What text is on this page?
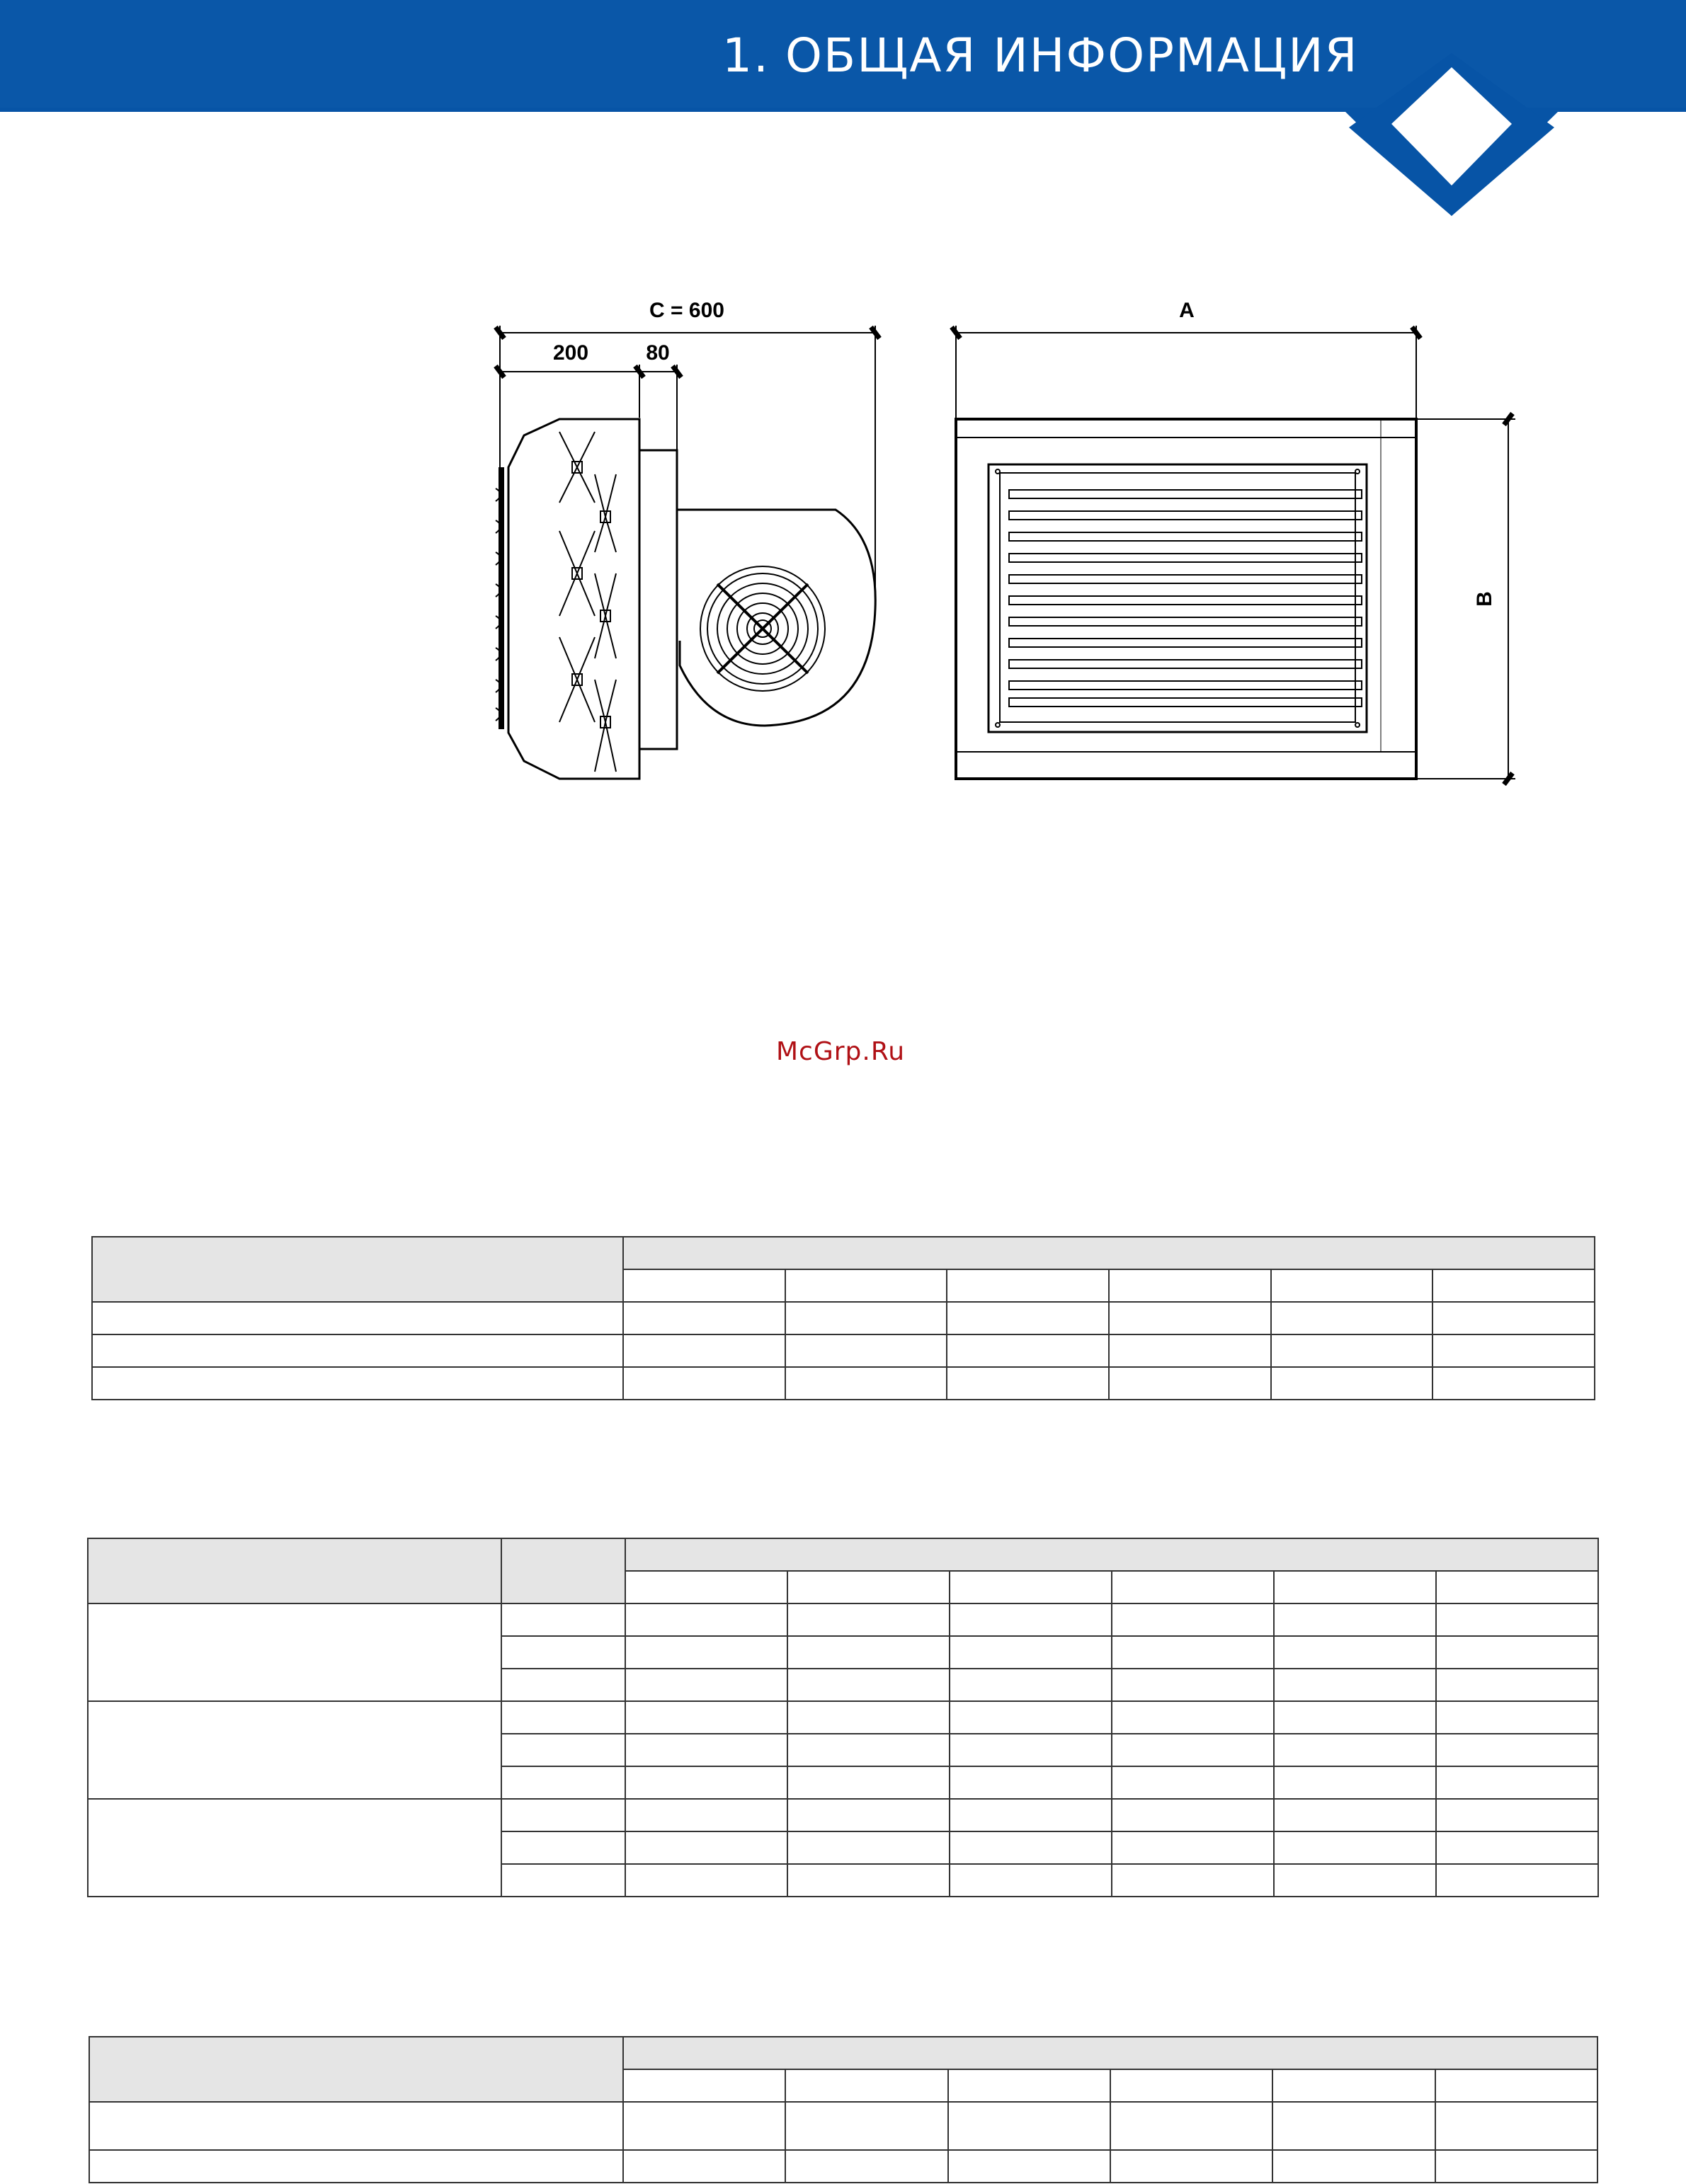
1. ОБЩАЯ ИНФОРМАЦИЯ
C = 600
200	80
A
B
McGrp.Ru
